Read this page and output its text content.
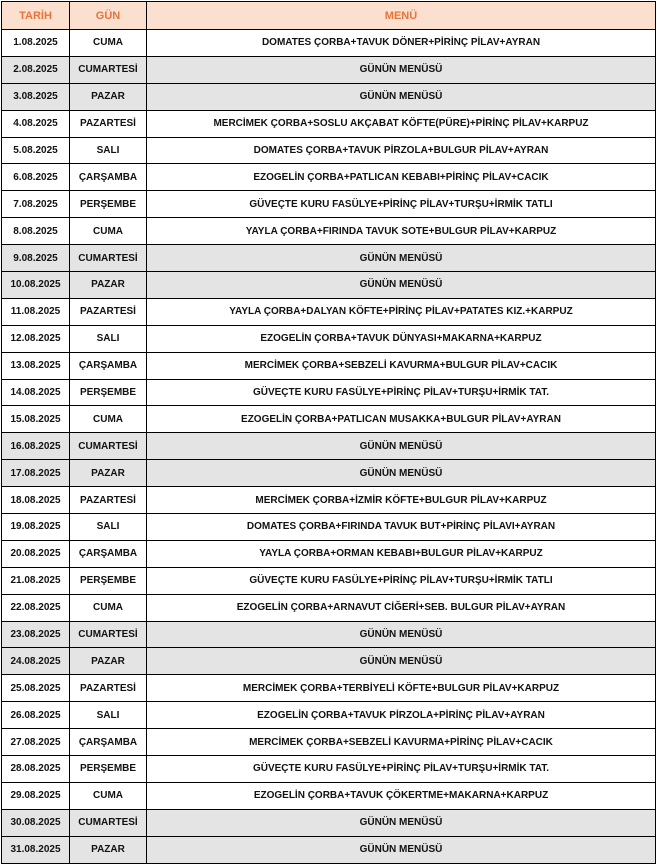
TARİH	GÜN	MENÜ
1.08.2025	CUMA	DOMATES ÇORBA+TAVUK DÖNER+PİRİNÇ PİLAV+AYRAN
2.08.2025	CUMARTESİ	GÜNÜN MENÜSÜ
3.08.2025	PAZAR	GÜNÜN MENÜSÜ
4.08.2025	PAZARTESİ	MERCİMEK ÇORBA+SOSLU AKÇABAT KÖFTE(PÜRE)+PİRİNÇ PİLAV+KARPUZ
5.08.2025	SALI	DOMATES ÇORBA+TAVUK PİRZOLA+BULGUR PİLAV+AYRAN
6.08.2025	ÇARŞAMBA	EZOGELİN ÇORBA+PATLICAN KEBABI+PİRİNÇ PİLAV+CACIK
7.08.2025	PERŞEMBE	GÜVEÇTE KURU FASÜLYE+PİRİNÇ PİLAV+TURŞU+İRMİK TATLI
8.08.2025	CUMA	YAYLA ÇORBA+FIRINDA TAVUK SOTE+BULGUR PİLAV+KARPUZ
9.08.2025	CUMARTESİ	GÜNÜN MENÜSÜ
10.08.2025	PAZAR	GÜNÜN MENÜSÜ
11.08.2025	PAZARTESİ	YAYLA ÇORBA+DALYAN KÖFTE+PİRİNÇ PİLAV+PATATES KIZ.+KARPUZ
12.08.2025	SALI	EZOGELİN ÇORBA+TAVUK DÜNYASI+MAKARNA+KARPUZ
13.08.2025	ÇARŞAMBA	MERCİMEK ÇORBA+SEBZELİ KAVURMA+BULGUR PİLAV+CACIK
14.08.2025	PERŞEMBE	GÜVEÇTE KURU FASÜLYE+PİRİNÇ PİLAV+TURŞU+İRMİK TAT.
15.08.2025	CUMA	EZOGELİN ÇORBA+PATLICAN MUSAKKA+BULGUR PİLAV+AYRAN
16.08.2025	CUMARTESİ	GÜNÜN MENÜSÜ
17.08.2025	PAZAR	GÜNÜN MENÜSÜ
18.08.2025	PAZARTESİ	MERCİMEK ÇORBA+İZMİR KÖFTE+BULGUR PİLAV+KARPUZ
19.08.2025	SALI	DOMATES ÇORBA+FIRINDA TAVUK BUT+PİRİNÇ PİLAVI+AYRAN
20.08.2025	ÇARŞAMBA	YAYLA ÇORBA+ORMAN KEBABI+BULGUR PİLAV+KARPUZ
21.08.2025	PERŞEMBE	GÜVEÇTE KURU FASÜLYE+PİRİNÇ PİLAV+TURŞU+İRMİK TATLI
22.08.2025	CUMA	EZOGELİN ÇORBA+ARNAVUT CİĞERİ+SEB. BULGUR PİLAV+AYRAN
23.08.2025	CUMARTESİ	GÜNÜN MENÜSÜ
24.08.2025	PAZAR	GÜNÜN MENÜSÜ
25.08.2025	PAZARTESİ	MERCİMEK ÇORBA+TERBİYELİ KÖFTE+BULGUR PİLAV+KARPUZ
26.08.2025	SALI	EZOGELİN ÇORBA+TAVUK PİRZOLA+PİRİNÇ PİLAV+AYRAN
27.08.2025	ÇARŞAMBA	MERCİMEK ÇORBA+SEBZELİ KAVURMA+PİRİNÇ PİLAV+CACIK
28.08.2025	PERŞEMBE	GÜVEÇTE KURU FASÜLYE+PİRİNÇ PİLAV+TURŞU+İRMİK TAT.
29.08.2025	CUMA	EZOGELİN ÇORBA+TAVUK ÇÖKERTME+MAKARNA+KARPUZ
30.08.2025	CUMARTESİ	GÜNÜN MENÜSÜ
31.08.2025	PAZAR	GÜNÜN MENÜSÜ
